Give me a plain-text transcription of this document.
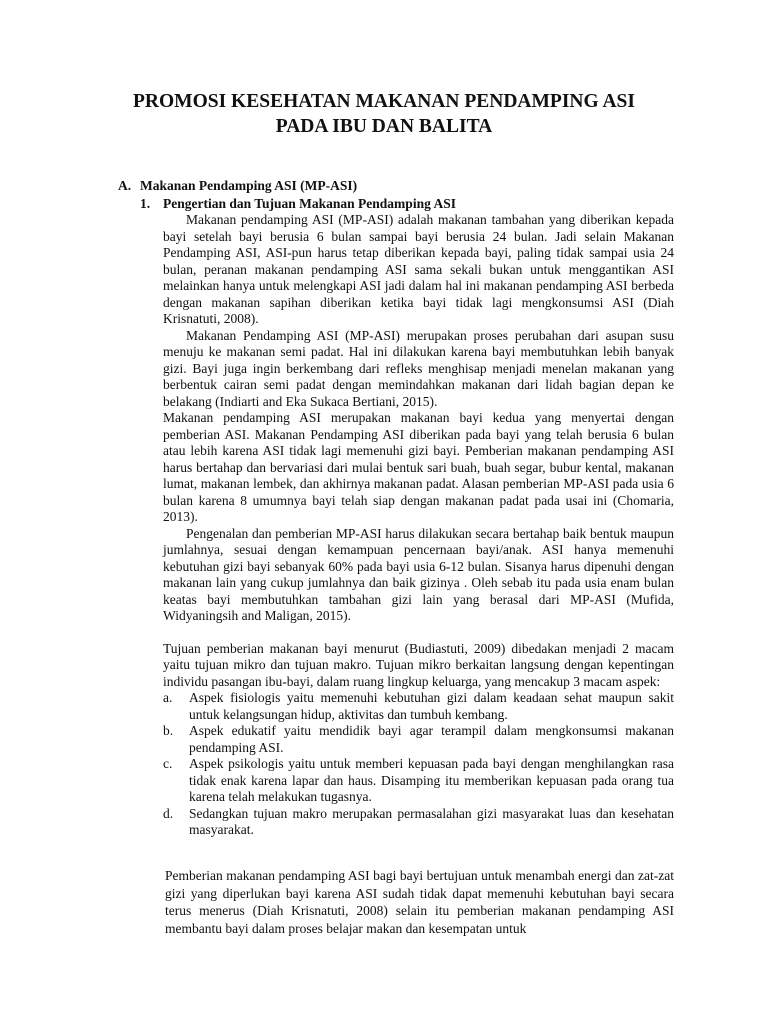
PROMOSI KESEHATAN MAKANAN PENDAMPING ASI
PADA IBU DAN BALITA
A. Makanan Pendamping ASI (MP-ASI)
1. Pengertian dan Tujuan Makanan Pendamping ASI

Makanan pendamping ASI (MP-ASI) adalah makanan tambahan yang diberikan kepada bayi setelah bayi berusia 6 bulan sampai bayi berusia 24 bulan. Jadi selain Makanan Pendamping ASI, ASI-pun harus tetap diberikan kepada bayi, paling tidak sampai usia 24 bulan, peranan makanan pendamping ASI sama sekali bukan untuk menggantikan ASI melainkan hanya untuk melengkapi ASI jadi dalam hal ini makanan pendamping ASI berbeda dengan makanan sapihan diberikan ketika bayi tidak lagi mengkonsumsi ASI (Diah Krisnatuti, 2008).

Makanan Pendamping ASI (MP-ASI) merupakan proses perubahan dari asupan susu menuju ke makanan semi padat. Hal ini dilakukan karena bayi membutuhkan lebih banyak gizi. Bayi juga ingin berkembang dari refleks menghisap menjadi menelan makanan yang berbentuk cairan semi padat dengan memindahkan makanan dari lidah bagian depan ke belakang (Indiarti and Eka Sukaca Bertiani, 2015).

Makanan pendamping ASI merupakan makanan bayi kedua yang menyertai dengan pemberian ASI. Makanan Pendamping ASI diberikan pada bayi yang telah berusia 6 bulan atau lebih karena ASI tidak lagi memenuhi gizi bayi. Pemberian makanan pendamping ASI harus bertahap dan bervariasi dari mulai bentuk sari buah, buah segar, bubur kental, makanan lumat, makanan lembek, dan akhirnya makanan padat. Alasan pemberian MP-ASI pada usia 6 bulan karena 8 umumnya bayi telah siap dengan makanan padat pada usai ini (Chomaria, 2013).

Pengenalan dan pemberian MP-ASI harus dilakukan secara bertahap baik bentuk maupun jumlahnya, sesuai dengan kemampuan pencernaan bayi/anak. ASI hanya memenuhi kebutuhan gizi bayi sebanyak 60% pada bayi usia 6-12 bulan. Sisanya harus dipenuhi dengan makanan lain yang cukup jumlahnya dan baik gizinya . Oleh sebab itu pada usia enam bulan keatas bayi membutuhkan tambahan gizi lain yang berasal dari MP-ASI (Mufida, Widyaningsih and Maligan, 2015).

Tujuan pemberian makanan bayi menurut (Budiastuti, 2009) dibedakan menjadi 2 macam yaitu tujuan mikro dan tujuan makro. Tujuan mikro berkaitan langsung dengan kepentingan individu pasangan ibu-bayi, dalam ruang lingkup keluarga, yang mencakup 3 macam aspek:

a.	Aspek fisiologis yaitu memenuhi kebutuhan gizi dalam keadaan sehat maupun sakit untuk kelangsungan hidup, aktivitas dan tumbuh kembang.
b.	Aspek edukatif yaitu mendidik bayi agar terampil dalam mengkonsumsi makanan pendamping ASI.
c.	Aspek psikologis yaitu untuk memberi kepuasan pada bayi dengan menghilangkan rasa tidak enak karena lapar dan haus. Disamping itu memberikan kepuasan pada orang tua karena telah melakukan tugasnya.
d.	Sedangkan tujuan makro merupakan permasalahan gizi masyarakat luas dan kesehatan masyarakat.

Pemberian makanan pendamping ASI bagi bayi bertujuan untuk menambah energi dan zat-zat gizi yang diperlukan bayi karena ASI sudah tidak dapat memenuhi kebutuhan bayi secara terus menerus (Diah Krisnatuti, 2008) selain itu pemberian makanan pendamping ASI membantu bayi dalam proses belajar makan dan kesempatan untuk
